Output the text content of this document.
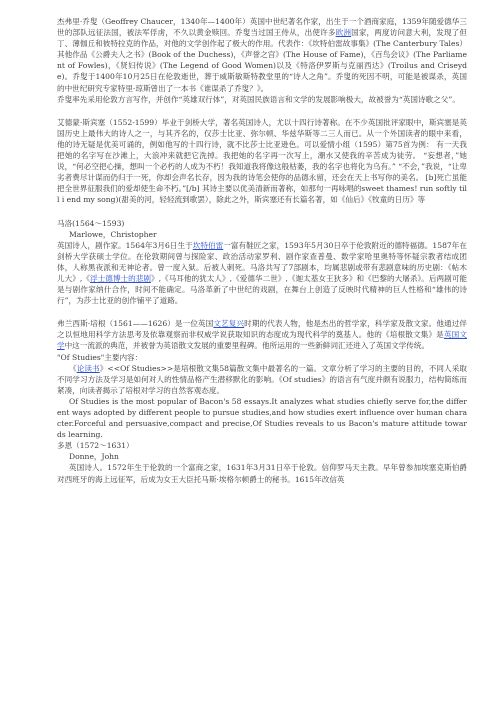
杰弗里·乔叟（Geoffrey Chaucer，1340年—1400年）英国中世纪著名作家，出生于一个酒商家庭，1359年随爱德华三世的部队远征法国，被法军俘虏，不久以黄金赎回。乔叟当过国王侍从，出使许多欧洲国家，两度访问意大利，发现了但丁、薄伽丘和彼特拉克的作品，对他的文学创作起了极大的作用。代表作：《坎特伯雷故事集》(The Canterbury Tales）其他作品《公爵夫人之书》(Book of the Duchess)，《声誉之宫》(The House of Fame)，《百鸟会议》(The Parliament of Fowles)，《贤妇传说》(The Legend of Good Women)以及《特洛伊罗斯与克丽西达》(Troilus and Criseyde)。乔叟于1400年10月25日在伦敦逝世，葬于威斯敏斯特教堂里的“诗人之角”。乔叟的死因不明，可能是被谋杀，英国的中世纪研究专家特里·琼斯曾出了一本书《谁谋杀了乔叟？》。

乔叟率先采用伦敦方言写作，并创作“英雄双行体”，对英国民族语言和文学的发展影响极大，故被誉为“英国诗歌之父”。

艾德蒙·斯宾塞（1552-1599）毕业于剑桥大学，著名英国诗人，尤以十四行诗著称。在不少英国批评家眼中，斯宾塞是英国历史上最伟大的诗人之一，与其齐名的，仅莎士比亚、弥尔顿、华兹华斯等二三人而已。从一个外国读者的眼中来看，他的诗无疑是优美可诵的，例如他写的十四行诗，就不比莎士比亚逊色。可以爱情小组（1595）第75首为例： 有一天我把她的名字写在沙滩上，大浪冲来就把它洗掉。我把她的名字再一次写上，潮水又使我的辛苦成为徒劳。 “妄想者，”她说，“何必空把心操，想叫一个必朽的人成为不朽！我知道我将像这般枯萎，我的名字也将化为乌有。” “不会，”我说，“让卑劣者费尽计谋而仍归于一死，你却会声名长存，因为我的诗笔会使你的品德永留，还会在天上书写你的美名。 [b]死亡虽能把全世界征服我们的爱却使生命不朽。”[/b] 其诗主要以优美清新而著称，如那句一再咏唱的sweet thames! run softly till i end my song)(甜美的河，轻轻流到歌罢），除此之外，斯宾塞还有长篇名著，如《仙后》《牧童的日历》等

马洛(1564～1593)

Marlowe，Christopher

英国诗人，剧作家。1564年3月6日生于坎特伯雷一富有鞋匠之家，1593年5月30日卒于伦敦附近的德特福德。1587年在剑桥大学获硕士学位。在伦敦期间曾与探险家、政治活动家罗利、剧作家查普曼、数学家哈里奥特等怀疑宗教者结成团体，人称黑夜派和无神论者。曾一度入狱。后被人刺死。马洛共写了7部剧本，均属悲剧或带有悲剧意味的历史剧：《帖木儿大》,《浮士德博士的悲剧》,《马耳他的犹太人》,《爱德华二世》,《迦太基女王狄多》和《巴黎的大屠杀》。后两剧可能是与剧作家纳什合作，时间不能确定。马洛革新了中世纪的戏剧，在舞台上创造了反映时代精神的巨人性格和“雄伟的诗行”，为莎士比亚的创作铺平了道路。

弗兰西斯·培根（1561——1626）是一位英国文艺复兴时期的代表人物，他是杰出的哲学家，科学家及散文家。他通过伴之以恒地用科学方法思考及依靠观察而非权威学说获取知识的态度成为现代科学的奠基人。他的《培根散文集》是英国文学中这一流派的典范，并被誉为英语散文发展的重要里程碑。他所运用的一些新鲜词汇还进入了英国文学传统。

"Of Studies"主要内容：

《论读书》<<Of Studies>>是培根散文集58篇散文集中最著名的一篇。文章分析了学习的主要的目的，不同人采取不同学习方法及学习是如何对人的性情品格产生潜移默化的影响。《Of studies》的语言有气度并颇有说服力，结构简练而紧凑，向读者揭示了培根对学习的自然客观态度。

Of Studies is the most popular of Bacon's 58 essays.It analyzes what studies chiefly serve for,the different ways adopted by different people to pursue studies,and how studies exert influence over human character.Forceful and persuasive,compact and precise,Of Studies reveals to us Bacon's mature attitude towards learning.

多恩（1572～1631）

Donne，John

英国诗人。1572年生于伦敦的一个富商之家，1631年3月31日卒于伦敦。信仰罗马天主教。早年曾参加埃塞克斯伯爵对西班牙的海上远征军，后成为女王大臣托马斯·埃格尔顿爵士的秘书。1615年改信英
